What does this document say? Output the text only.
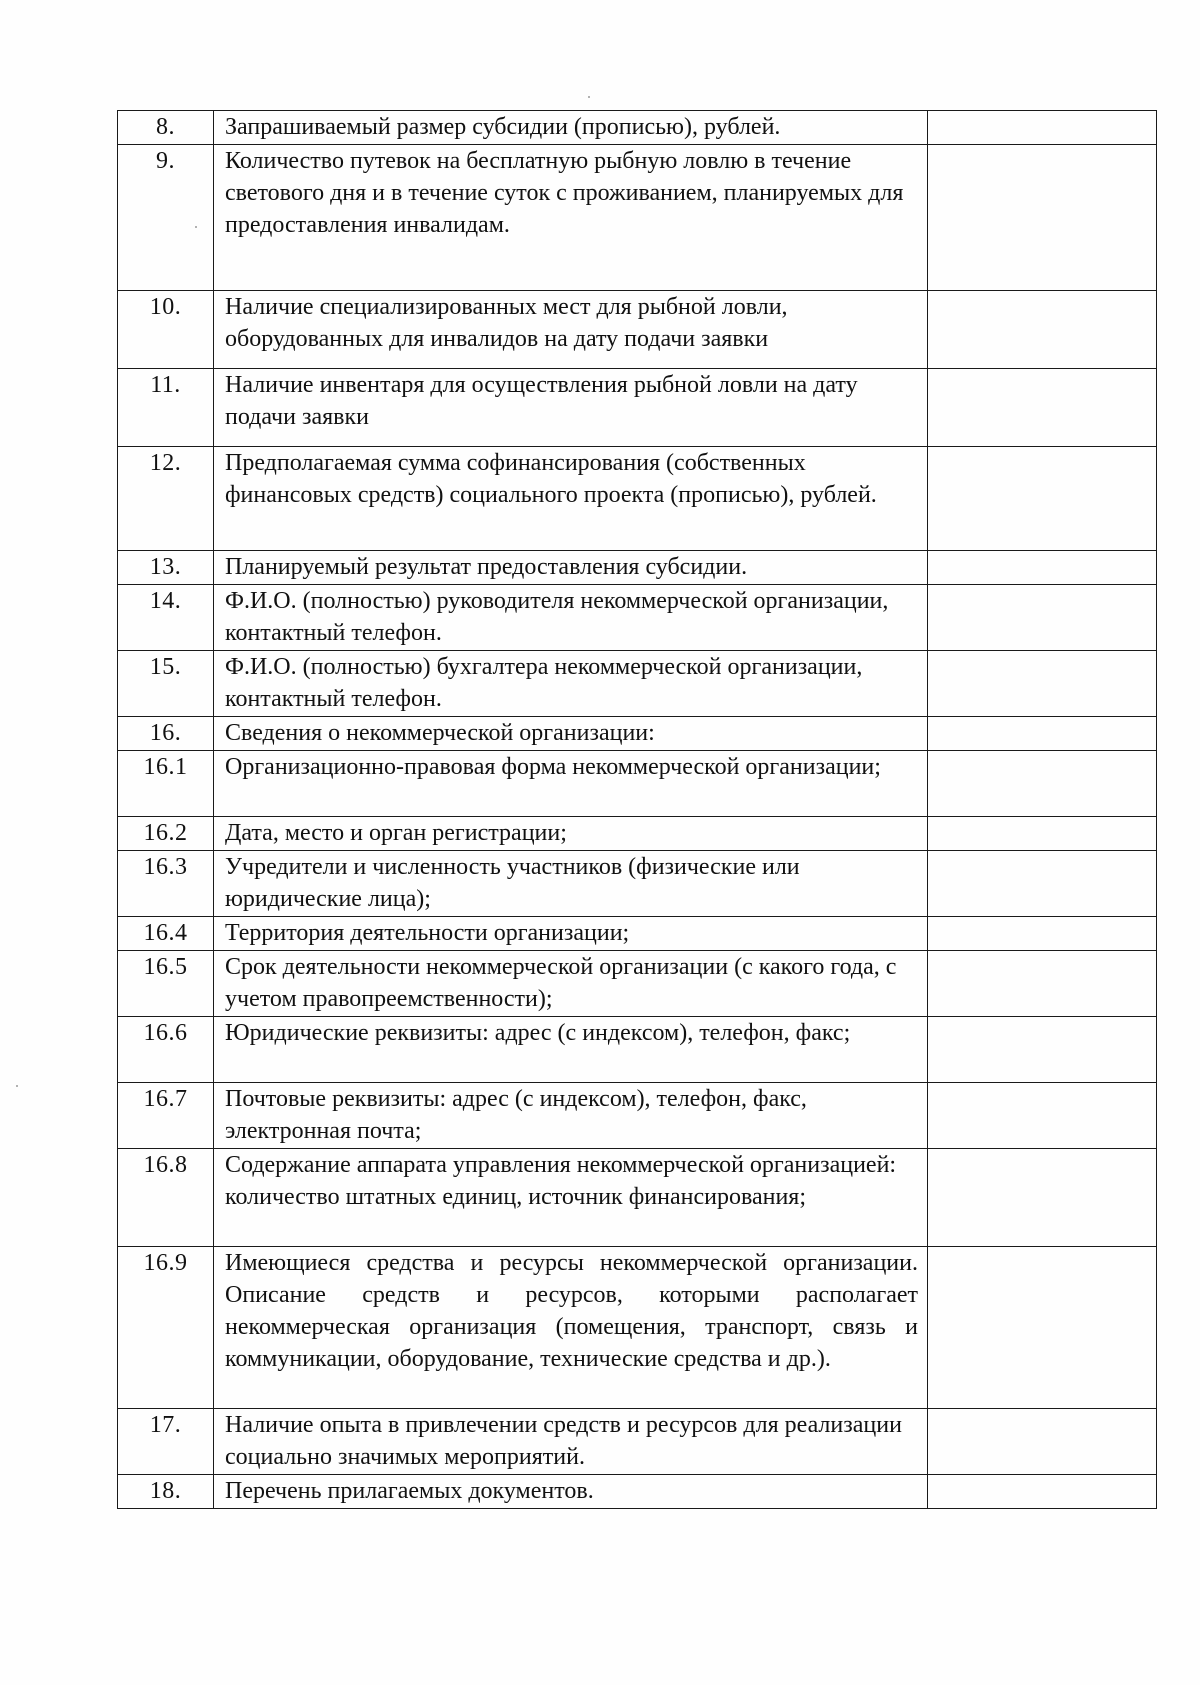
8.	Запрашиваемый размер субсидии (прописью), рублей.	
9.	Количество путевок на бесплатную рыбную ловлю в течение светового дня и в течение суток с проживанием, планируемых для предоставления инвалидам.	
10.	Наличие специализированных мест для рыбной ловли, оборудованных для инвалидов на дату подачи заявки	
11.	Наличие инвентаря для осуществления рыбной ловли на дату подачи заявки	
12.	Предполагаемая сумма софинансирования (собственных финансовых средств) социального проекта (прописью), рублей.	
13.	Планируемый результат предоставления субсидии.	
14.	Ф.И.О. (полностью) руководителя некоммерческой организации, контактный телефон.	
15.	Ф.И.О. (полностью) бухгалтера некоммерческой организации, контактный телефон.	
16.	Сведения о некоммерческой организации:	
16.1	Организационно-правовая форма некоммерческой организации;	
16.2	Дата, место и орган регистрации;	
16.3	Учредители и численность участников (физические или юридические лица);	
16.4	Территория деятельности организации;	
16.5	Срок деятельности некоммерческой организации (с какого года, с учетом правопреемственности);	
16.6	Юридические реквизиты: адрес (с индексом), телефон, факс;	
16.7	Почтовые реквизиты: адрес (с индексом), телефон, факс, электронная почта;	
16.8	Содержание аппарата управления некоммерческой организацией: количество штатных единиц, источник финансирования;	
16.9	Имеющиеся средства и ресурсы некоммерческой организации. Описание средств и ресурсов, которыми располагает некоммерческая организация (помещения, транспорт, связь и коммуникации, оборудование, технические средства и др.).	
17.	Наличие опыта в привлечении средств и ресурсов для реализации социально значимых мероприятий.	
18.	Перечень прилагаемых документов.	
